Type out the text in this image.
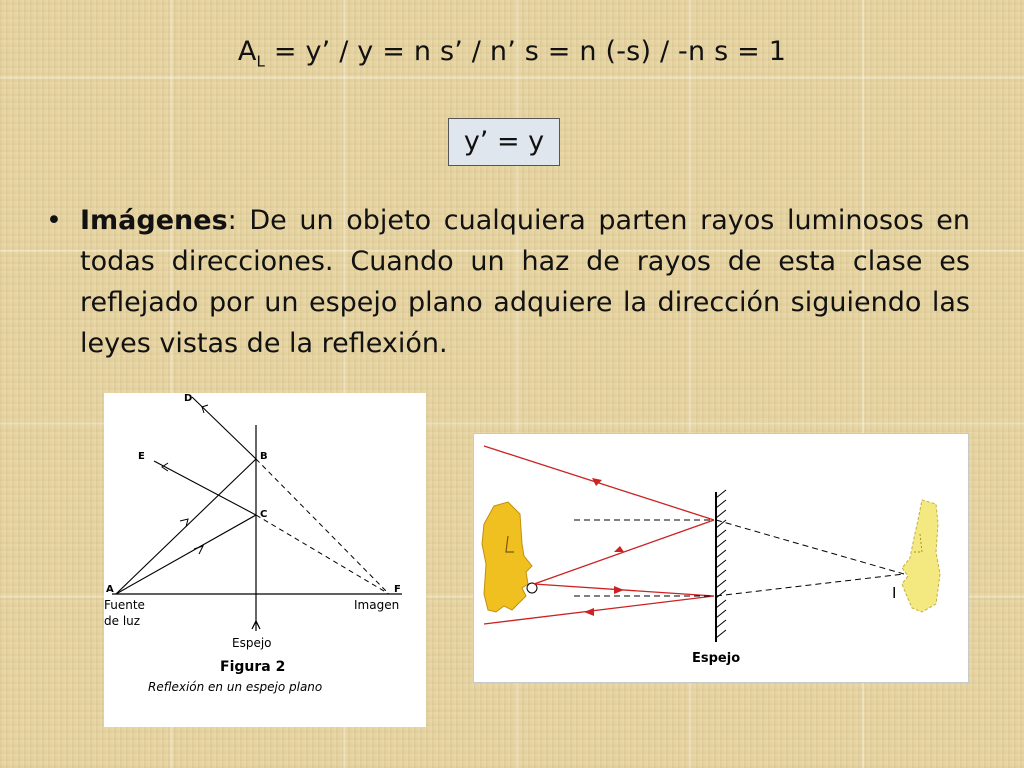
$A_L = y$’ / y = n s’ / n’ s = n (-s) / -n s = 1
y’ = y
• Imágenes: De un objeto cualquiera parten rayos luminosos en todas direcciones. Cuando un haz de rayos de esta clase es reflejado por un espejo plano adquiere la dirección siguiendo las leyes vistas de la reflexión.
D
E	B
C
A	F
Fuente
de luz
Imagen
Espejo
Figura 2
Reflexión en un espejo plano
I
Espejo
